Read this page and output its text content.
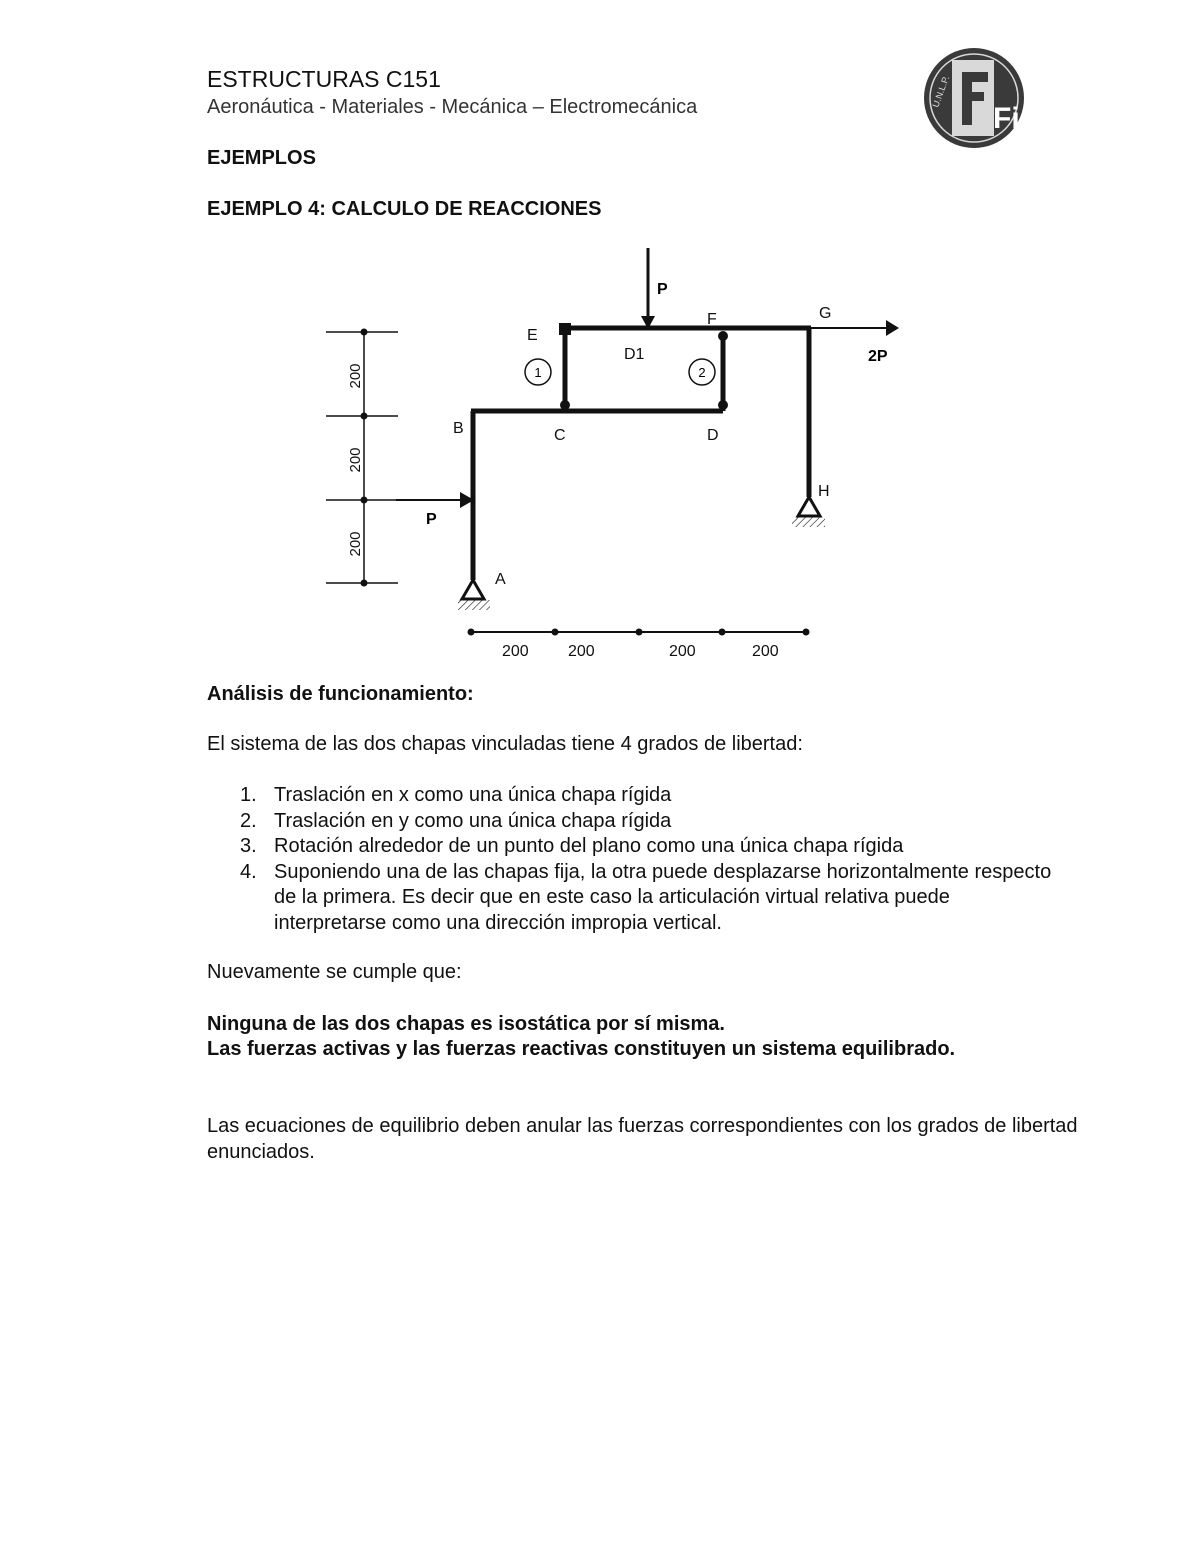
ESTRUCTURAS C151
Aeronáutica - Materiales - Mecánica – Electromecánica	Fi
U.N.L.P.
EJEMPLOS
EJEMPLO 4: CALCULO DE REACCIONES
P
P
2P
A
B	C	D
D1
E
F	G
H
1	2
200
200
200
200 200	200	200
Análisis de funcionamiento:
El sistema de las dos chapas vinculadas tiene 4 grados de libertad:
1. Traslación en x como una única chapa rígida
2. Traslación en y como una única chapa rígida
3. Rotación alrededor de un punto del plano como una única chapa rígida
4. Suponiendo una de las chapas fija, la otra puede desplazarse horizontalmente respecto de la primera. Es decir que en este caso la articulación virtual relativa puede interpretarse como una dirección impropia vertical.
Nuevamente se cumple que:
Ninguna de las dos chapas es isostática por sí misma.
Las fuerzas activas y las fuerzas reactivas constituyen un sistema equilibrado.
Las ecuaciones de equilibrio deben anular las fuerzas correspondientes con los grados de libertad enunciados.
